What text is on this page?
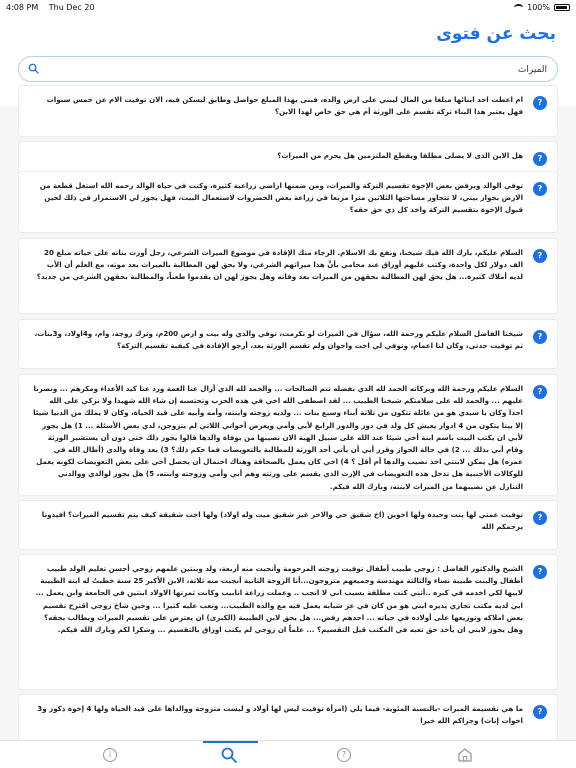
4:08 PM Thu Dec 20	100%
بحث عن فتوى
الميراث
?
ام اعطت احد ابنائها مبلغا من المال ليبني على ارض والده، فبنى بهذا المبلغ حواصل وطابق ليسكن فيه، الان توفيت الام عن خمس سنوات فهل يعتبر هذا البناء تركة تقسم على الورثة أم هي حق خاص لهذا الابن؟
?
هل الابن الذى لا يصلى مطلقا ويقطع الملتزمين هل يحرم من الميراث؟
?
توفي الوالد ويرفض بعض الإخوة تقسيم التركة والميراث، ومن ضمنها اراضي زراعية كثيرة، وكنت في حياة الوالد رحمه الله استغل قطعة من الارض بجوار بيتي، لا تتجاوز مساحتها الثلاثين مترا مربعا في زراعة بعض الخضروات لاستعمال البيت، فهل يجوز لي الاستمرار في ذلك لحين قبول الإخوة بتقسيم التركة واخذ كل ذي حق حقه؟
?
السلام عليكم، بارك الله فيك شيخنا، ونفع بك الاسلام. الرجاء منك الإفادة في موضوع الميراث الشرعي، رجل أورث بناته على حياته مبلغ 20 الف دولار لكل واحدة، وكتب عليهم أوراق عند محامي بأنَّ هذا ميراثهم الشرعي، ولا يحق لهن المطالبة بالميراث بعد موته، مع العلم أن الأب لديه أملاك كثيرة... هل يحق لهن المطالبة بحقهن من الميراث بعد وفاته وهل يجوز لهن ان يقدموا طعناً، والمطالبة بحقهن الشرعي من جديد؟
?
شيخنا الفاضل السلام عليكم ورحمة الله، سؤال في الميراث لو تكرمت، توفي والدي وله بيت و ارض 200م، وترك زوجة، وام، و4اولاد، و3بنات، ثم توفيت جدتي، وكان لنا اعمام، وتوفي لي اخت واخوان ولم تقسم الورثة بعد، أرجو الإفادة في كيفية تقسيم التركة؟
?
السلام عليكم ورحمة الله وبركاته الحمد لله الذي بفضله تتم الصالحات ... والحمد لله الذي أزال عنا الغمة ورد عنا كيد الأعداء ومكرهم ... ونصرنا عليهم ... والحمد لله على سلامتكم شيخنا الطبيب ... لقد اصطفى الله اخي في هذه الحرب وتحتسبه إن شاء الله شهيدا ولا نزكي على الله احدا وكان يا سيدي هو من عائلة تتكون من ثلاثة أبناء وسبع بنات ... ولديه زوجته وابنته، وأمه وأبيه على قيد الحياة، وكان لا يملك من الدنيا شيئا إلا بيتا يتكون من 4 ادوار يعيش كل ولد في دور والدور الرابع لأبي وأمي ويعرض أخواتي اللاتي لم يتزوجن، لدي بعض الأسئلة ... 1) هل يجوز لأبي ان يكتب البيت باسم ابنة أخي شيئا عند الله على سبيل الهبة الان نصيبها من بوفاة والدها قالوا يجوز ذلك حتى دون أن يستشير الورثة وقام أبي بذلك ... 2) في حالة الجواز وقرر أبي أن يأتي أحد الورثة للمطالبة بالتعويضات فما حكم ذلك؟ 3) بعد وفاة والدي (أطال الله في عمره) هل يمكن لابنتي اخذ نصيب والدها أم أقل ؟ 4) اخي كان يعمل بالصحافة وهناك احتمال أن يحصل أخي على بعض التعويضات لكونه يعمل للوكالات الأجنبية هل تدخل هذه التعويضات في الإرث الذي يقسم على ورثته وهم أبي وأمي وزوجته وابنته، 5) هل يجوز لوالدي ووالدتي التنازل عن نصيبهما من الميراث لابنته، وبارك الله فيكم.
?
توفيت عمتي لها بنت وحيدة ولها اخوين (اخ شقيق حي والاخر غير شقيق ميت وله اولاد) ولها اخت شقيقة كيف يتم تقسيم الميراث؟ افيدونا يرحمكم الله
?
الشيخ والدكتور الفاضل : زوجي طبيب أطفال توفيت زوجته المرحومة وأنجبت منه أربعة، ولد وبنتين علمهم زوجي أحسن تعليم الولد طبيب أطفال والبنت طبيبة نساء والثالثة مهندسة وجميعهم متزوجون...أنا الزوجة الثانية أنجبت منه ثلاثة، الابن الأكبر 25 سنة خطبتُ له ابنة الطبيبة لابيها لكي اخدمه في كبره ..أثني كنت مطلقة بسبب اني لا انجب .. وعملت زراعة انابيب وكانت ثمرتها الاولاد ابنتين في الجامعة وابن يعمل ... ابي لديه مكتب تجاري يديره ابني هو من كان في عز شبابه يعمل فيه مع والده الطبيب... وتعب عليه كثيرا ... وحين شاخ زوجي اقترح تقسيم بعض املاكه وتوزيعها على أولاده في حياته ... احدهم رفض... هل يحق لابن الطبيبة (الكبرى) ان يعترض على تقسيم الميراث ويطالب بحقه؟ وهل يجوز لابني ان يأخذ حق تعبه في المكتب قبل التقسيم؟ ... علماً ان زوجي لم يكتب اوراق بالتقسيم ... وشكرا لكم وبارك الله فيكم.
?
ما هي تقسيمة الميراث -بالنسبة المئوية- فيما يلي (امرأة توفيت ليس لها أولاد و ليست متزوجة ووالداها على قيد الحياة ولها 4 إخوة ذكور و3 اخوات إناث) وجزاكم الله خيرا
i	?
